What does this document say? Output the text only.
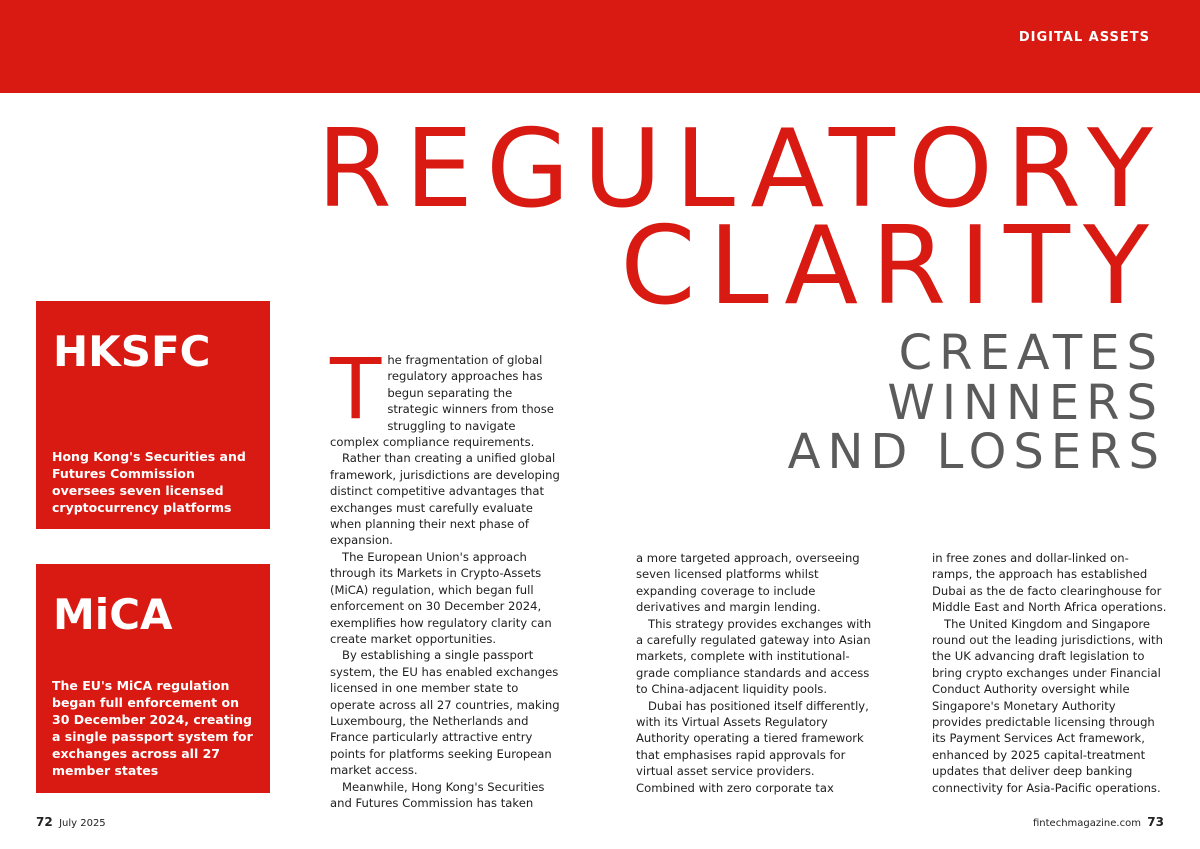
DIGITAL ASSETS
REGULATORY
CLARITY
CREATES
WINNERS
AND LOSERS
HKSFC
Hong Kong's Securities and Futures Commission oversees seven licensed cryptocurrency platforms
MiCA
The EU's MiCA regulation began full enforcement on 30 December 2024, creating a single passport system for exchanges across all 27 member states

The fragmentation of global regulatory approaches has begun separating the strategic winners from those struggling to navigate complex compliance requirements.

Rather than creating a unified global framework, jurisdictions are developing distinct competitive advantages that exchanges must carefully evaluate when planning their next phase of expansion.

The European Union's approach through its Markets in Crypto-Assets (MiCA) regulation, which began full enforcement on 30 December 2024, exemplifies how regulatory clarity can create market opportunities.

By establishing a single passport system, the EU has enabled exchanges licensed in one member state to operate across all 27 countries, making Luxembourg, the Netherlands and France particularly attractive entry points for platforms seeking European market access.

Meanwhile, Hong Kong's Securities and Futures Commission has taken

a more targeted approach, overseeing seven licensed platforms whilst expanding coverage to include derivatives and margin lending.

This strategy provides exchanges with a carefully regulated gateway into Asian markets, complete with institutional-grade compliance standards and access to China-adjacent liquidity pools.

Dubai has positioned itself differently, with its Virtual Assets Regulatory Authority operating a tiered framework that emphasises rapid approvals for virtual asset service providers. Combined with zero corporate tax

in free zones and dollar-linked on-ramps, the approach has established Dubai as the de facto clearinghouse for Middle East and North Africa operations.

The United Kingdom and Singapore round out the leading jurisdictions, with the UK advancing draft legislation to bring crypto exchanges under Financial Conduct Authority oversight while Singapore's Monetary Authority provides predictable licensing through its Payment Services Act framework, enhanced by 2025 capital-treatment updates that deliver deep banking connectivity for Asia-Pacific operations.

72 July 2025	fintechmagazine.com 73
